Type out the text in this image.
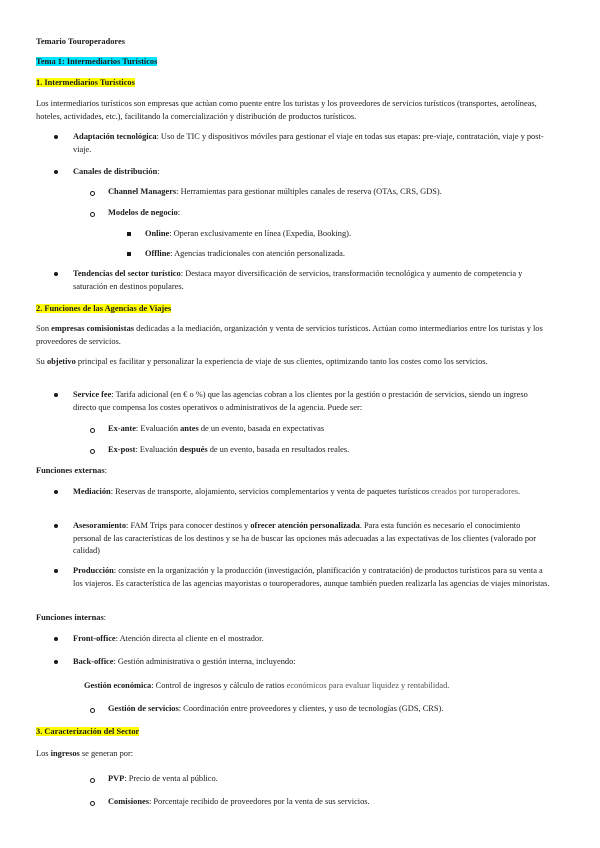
Temario Touroperadores
Tema 1: Intermediarios Turísticos
1. Intermediarios Turísticos
Los intermediarios turísticos son empresas que actúan como puente entre los turistas y los proveedores de servicios turísticos (transportes, aerolíneas, hoteles, actividades, etc.), facilitando la comercialización y distribución de productos turísticos.
Adaptación tecnológica: Uso de TIC y dispositivos móviles para gestionar el viaje en todas sus etapas: pre-viaje, contratación, viaje y post-viaje.
Canales de distribución:
Channel Managers: Herramientas para gestionar múltiples canales de reserva (OTAs, CRS, GDS).
Modelos de negocio:
Online: Operan exclusivamente en línea (Expedia, Booking).
Offline: Agencias tradicionales con atención personalizada.
Tendencias del sector turístico: Destaca mayor diversificación de servicios, transformación tecnológica y aumento de competencia y saturación en destinos populares.
2. Funciones de las Agencias de Viajes
Son empresas comisionistas dedicadas a la mediación, organización y venta de servicios turísticos. Actúan como intermediarios entre los turistas y los proveedores de servicios.
Su objetivo principal es facilitar y personalizar la experiencia de viaje de sus clientes, optimizando tanto los costes como los servicios.
Service fee: Tarifa adicional (en € o %) que las agencias cobran a los clientes por la gestión o prestación de servicios, siendo un ingreso directo que compensa los costes operativos o administrativos de la agencia. Puede ser:
Ex-ante: Evaluación antes de un evento, basada en expectativas
Ex-post: Evaluación después de un evento, basada en resultados reales.
Funciones externas:
Mediación: Reservas de transporte, alojamiento, servicios complementarios y venta de paquetes turísticos creados por turoperadores.
Asesoramiento: FAM Trips para conocer destinos y ofrecer atención personalizada. Para esta función es necesario el conocimiento personal de las características de los destinos y se ha de buscar las opciones más adecuadas a las expectativas de los clientes (valorado por calidad)
Producción: consiste en la organización y la producción (investigación, planificación y contratación) de productos turísticos para su venta a los viajeros. Es característica de las agencias mayoristas o touroperadores, aunque también pueden realizarla las agencias de viajes minoristas.
Funciones internas:
Front-office: Atención directa al cliente en el mostrador.
Back-office: Gestión administrativa o gestión interna, incluyendo:
Gestión económica: Control de ingresos y cálculo de ratios económicos para evaluar liquidez y rentabilidad.
Gestión de servicios: Coordinación entre proveedores y clientes, y uso de tecnologías (GDS, CRS).
3. Caracterización del Sector
Los ingresos se generan por:
PVP: Precio de venta al público.
Comisiones: Porcentaje recibido de proveedores por la venta de sus servicios.
